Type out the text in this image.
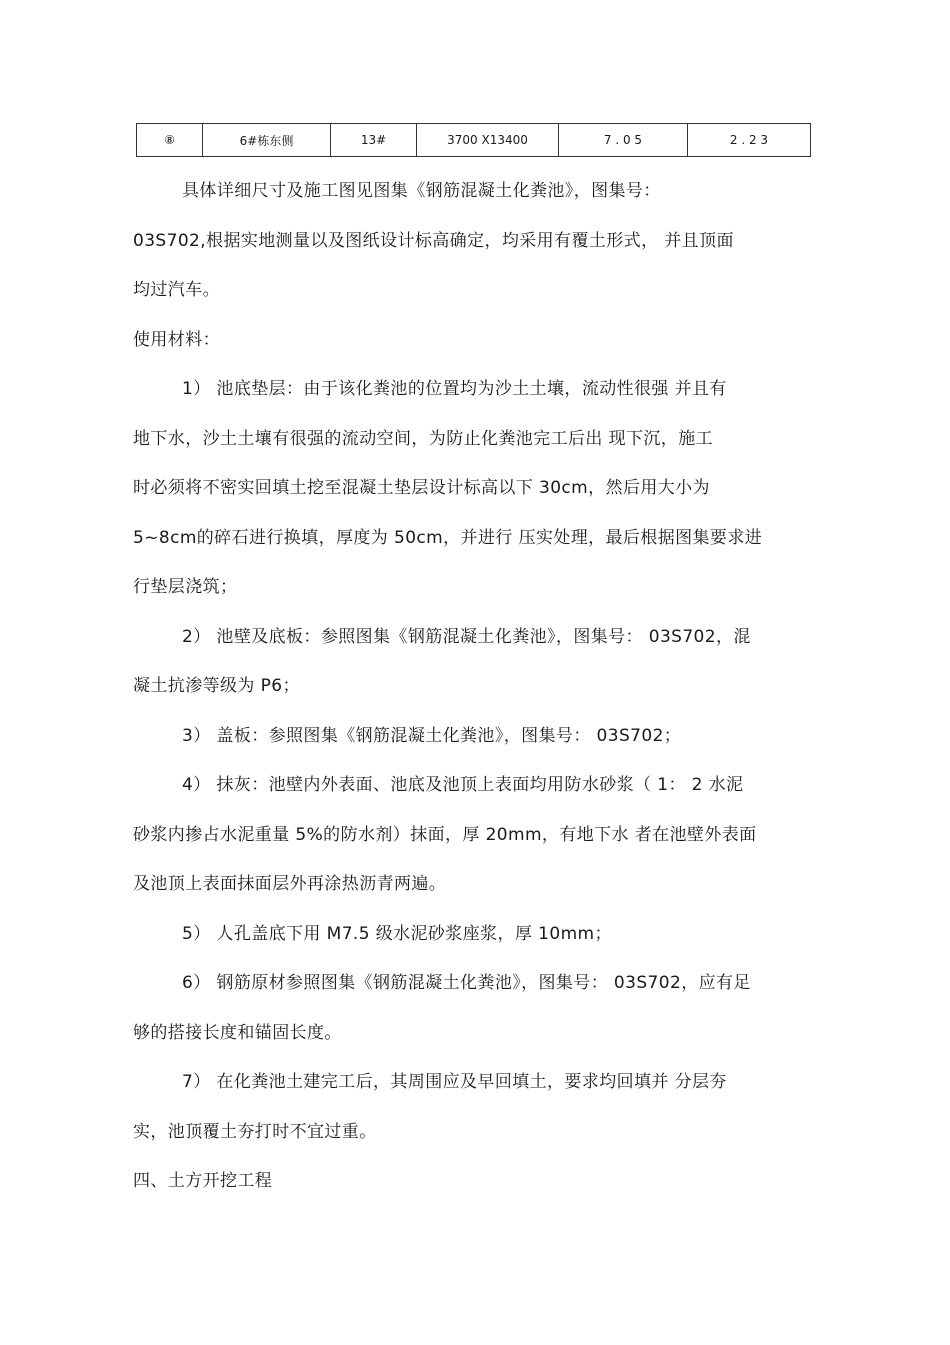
⑧	6#栋东侧	13#	3700 X13400	7 . 0 5	2 . 2 3
具体详细尺寸及施工图见图集《钢筋混凝土化粪池》，图集号：
03S702,根据实地测量以及图纸设计标高确定，均采用有覆土形式， 并且顶面
均过汽车。
使用材料：
1） 池底垫层：由于该化粪池的位置均为沙土土壤，流动性很强 并且有
地下水，沙土土壤有很强的流动空间，为防止化粪池完工后出 现下沉，施工
时必须将不密实回填土挖至混凝土垫层设计标高以下 30cm，然后用大小为
5~8cm的碎石进行换填，厚度为 50cm，并进行 压实处理，最后根据图集要求进
行垫层浇筑；
2） 池壁及底板：参照图集《钢筋混凝土化粪池》，图集号： 03S702，混
凝土抗渗等级为 P6；
3） 盖板：参照图集《钢筋混凝土化粪池》，图集号： 03S702；
4） 抹灰：池壁内外表面、池底及池顶上表面均用防水砂浆（ 1： 2 水泥
砂浆内掺占水泥重量 5%的防水剂）抹面，厚 20mm，有地下水 者在池壁外表面
及池顶上表面抹面层外再涂热沥青两遍。
5） 人孔盖底下用 M7.5 级水泥砂浆座浆，厚 10mm；
6） 钢筋原材参照图集《钢筋混凝土化粪池》，图集号： 03S702，应有足
够的搭接长度和锚固长度。
7） 在化粪池土建完工后，其周围应及早回填土，要求均回填并 分层夯
实，池顶覆土夯打时不宜过重。
四、土方开挖工程
